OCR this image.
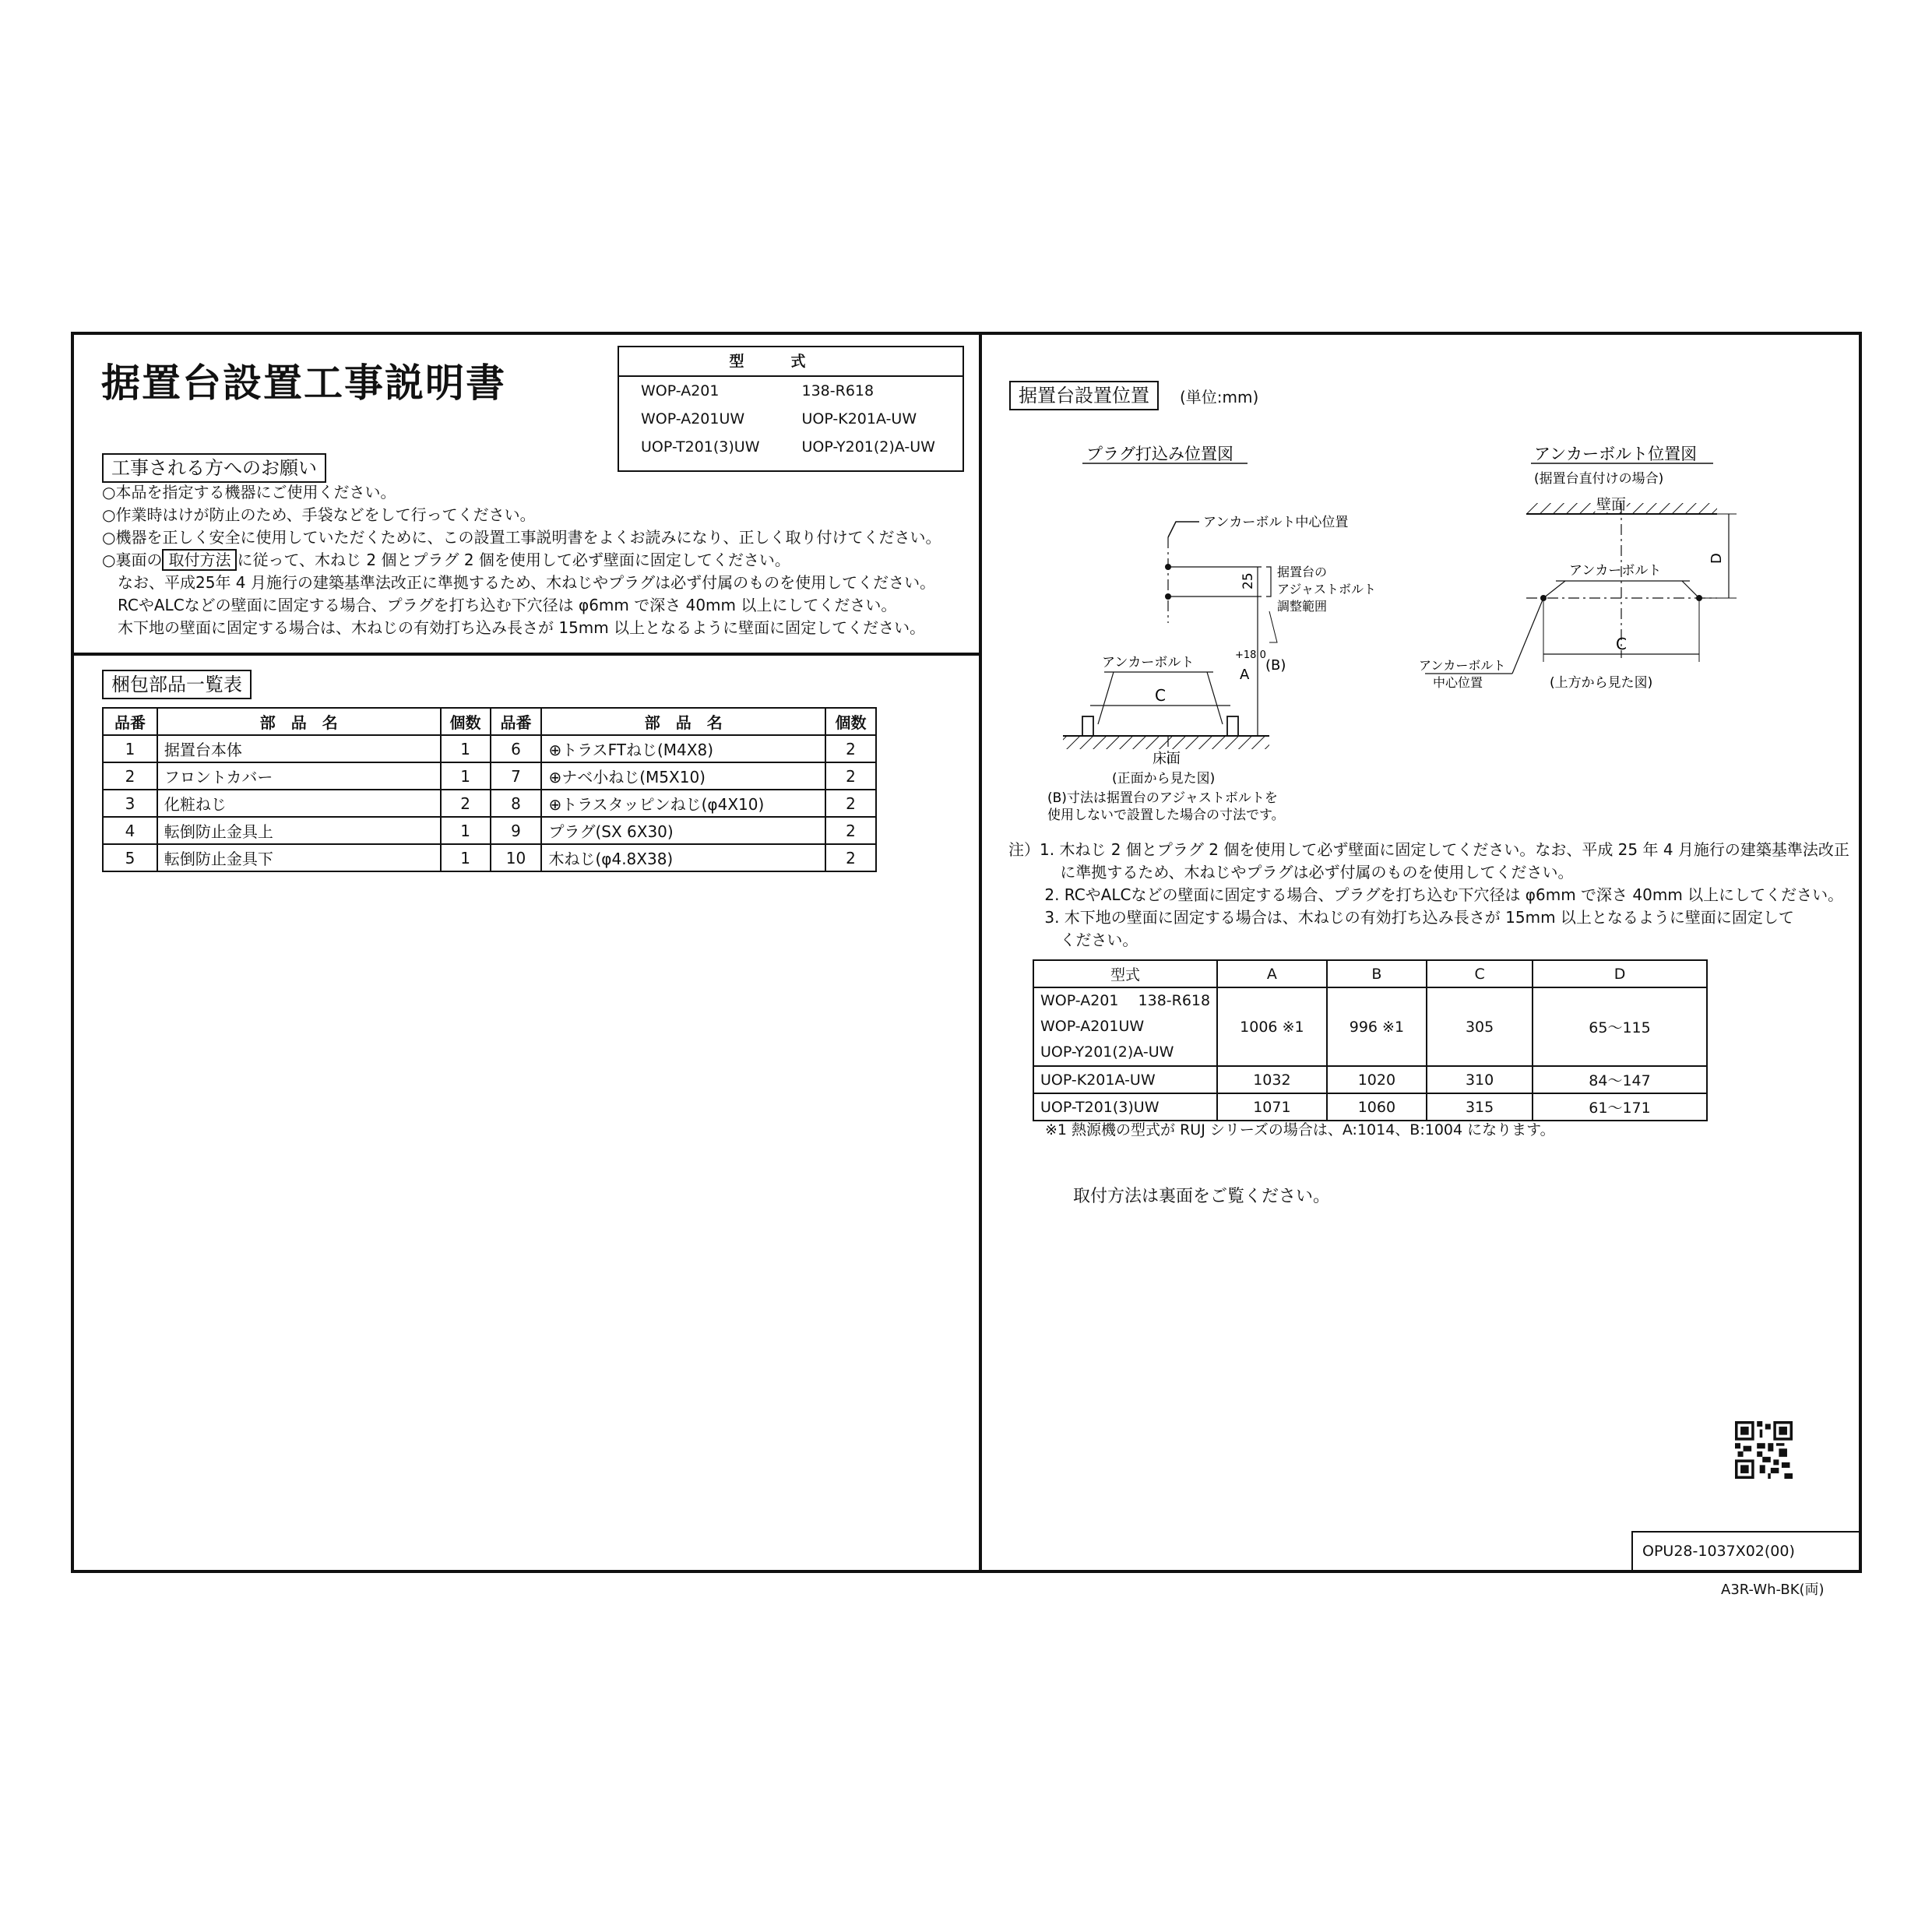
据置台設置工事説明書	型式
WOP-A201	138-R618
WOP-A201UW	UOP-K201A-UW
UOP-T201(3)UW	UOP-Y201(2)A-UW
工事される方へのお願い
○本品を指定する機器にご使用ください。
○作業時はけが防止のため、手袋などをして行ってください。
○機器を正しく安全に使用していただくために、この設置工事説明書をよくお読みになり、正しく取り付けてください。
○裏面の 取付方法 に従って、木ねじ 2 個とプラグ 2 個を使用して必ず壁面に固定してください。
　なお、平成25年 4 月施行の建築基準法改正に準拠するため、木ねじやプラグは必ず付属のものを使用してください。
　RCやALCなどの壁面に固定する場合、プラグを打ち込む下穴径は φ6mm で深さ 40mm 以上にしてください。
　木下地の壁面に固定する場合は、木ねじの有効打ち込み長さが 15mm 以上となるように壁面に固定してください。
梱包部品一覧表
品番	部　品　名	個数	品番	部　品　名	個数
1	据置台本体	1	6	⊕トラスFTねじ(M4X8)	2
2	フロントカバー	1	7	⊕ナベ小ねじ(M5X10)	2
3	化粧ねじ	2	8	⊕トラスタッピンねじ(φ4X10)	2
4	転倒防止金具上	1	9	プラグ(SX 6X30)	2
5	転倒防止金具下	1	10	木ねじ(φ4.8X38)	2
据置台設置位置	(単位:mm)
プラグ打込み位置図
アンカーボルト中心位置
25
据置台の
アジャストボルト
調整範囲
A
+18 0
(B)
アンカーボルト
C
床面
(正面から見た図)
(B)寸法は据置台のアジャストボルトを
使用しないで設置した場合の寸法です。
アンカーボルト位置図
(据置台直付けの場合)
壁面
D
アンカーボルト
C
アンカーボルト
中心位置	(上方から見た図)
注）1. 木ねじ 2 個とプラグ 2 個を使用して必ず壁面に固定してください。なお、平成 25 年 4 月施行の建築基準法改正
　　　 に準拠するため、木ねじやプラグは必ず付属のものを使用してください。
　　 2. RCやALCなどの壁面に固定する場合、プラグを打ち込む下穴径は φ6mm で深さ 40mm 以上にしてください。
　　 3. 木下地の壁面に固定する場合は、木ねじの有効打ち込み長さが 15mm 以上となるように壁面に固定して
　　　 ください。
型式	A	B	C	D

WOP-A201　 138-R618
WOP-A201UW
UOP-Y201(2)A-UW	1006 ※1	996 ※1	305	65〜115
UOP-K201A-UW	1032	1020	310	84〜147
UOP-T201(3)UW	1071	1060	315	61〜171
※1 熱源機の型式が RUJ シリーズの場合は、A:1014、B:1004 になります。
取付方法は裏面をご覧ください。
OPU28-1037X02(00)
A3R-Wh-BK(両)
